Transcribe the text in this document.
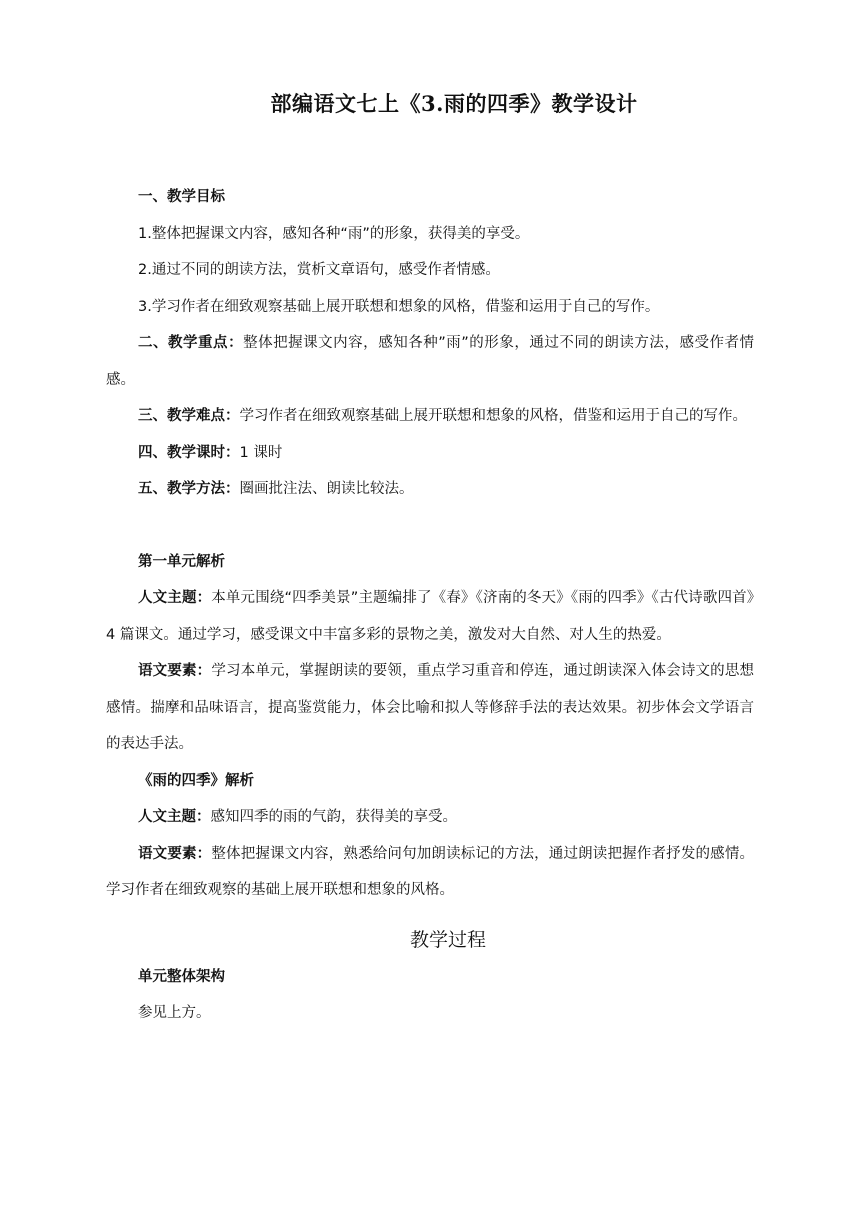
部编语文七上《3.雨的四季》教学设计

一、教学目标

1.整体把握课文内容，感知各种“雨”的形象，获得美的享受。

2.通过不同的朗读方法，赏析文章语句，感受作者情感。

3.学习作者在细致观察基础上展开联想和想象的风格，借鉴和运用于自己的写作。

二、教学重点：整体把握课文内容，感知各种”雨”的形象，通过不同的朗读方法，感受作者情感。

三、教学难点：学习作者在细致观察基础上展开联想和想象的风格，借鉴和运用于自己的写作。

四、教学课时：1 课时

五、教学方法：圈画批注法、朗读比较法。

第一单元解析

人文主题：本单元围绕“四季美景”主题编排了《春》《济南的冬天》《雨的四季》《古代诗歌四首》4 篇课文。通过学习，感受课文中丰富多彩的景物之美，激发对大自然、对人生的热爱。

语文要素：学习本单元，掌握朗读的要领，重点学习重音和停连，通过朗读深入体会诗文的思想感情。揣摩和品味语言，提高鉴赏能力，体会比喻和拟人等修辞手法的表达效果。初步体会文学语言的表达手法。

《雨的四季》解析

人文主题：感知四季的雨的气韵，获得美的享受。

语文要素：整体把握课文内容，熟悉给问句加朗读标记的方法，通过朗读把握作者抒发的感情。学习作者在细致观察的基础上展开联想和想象的风格。

教学过程

单元整体架构

参见上方。
